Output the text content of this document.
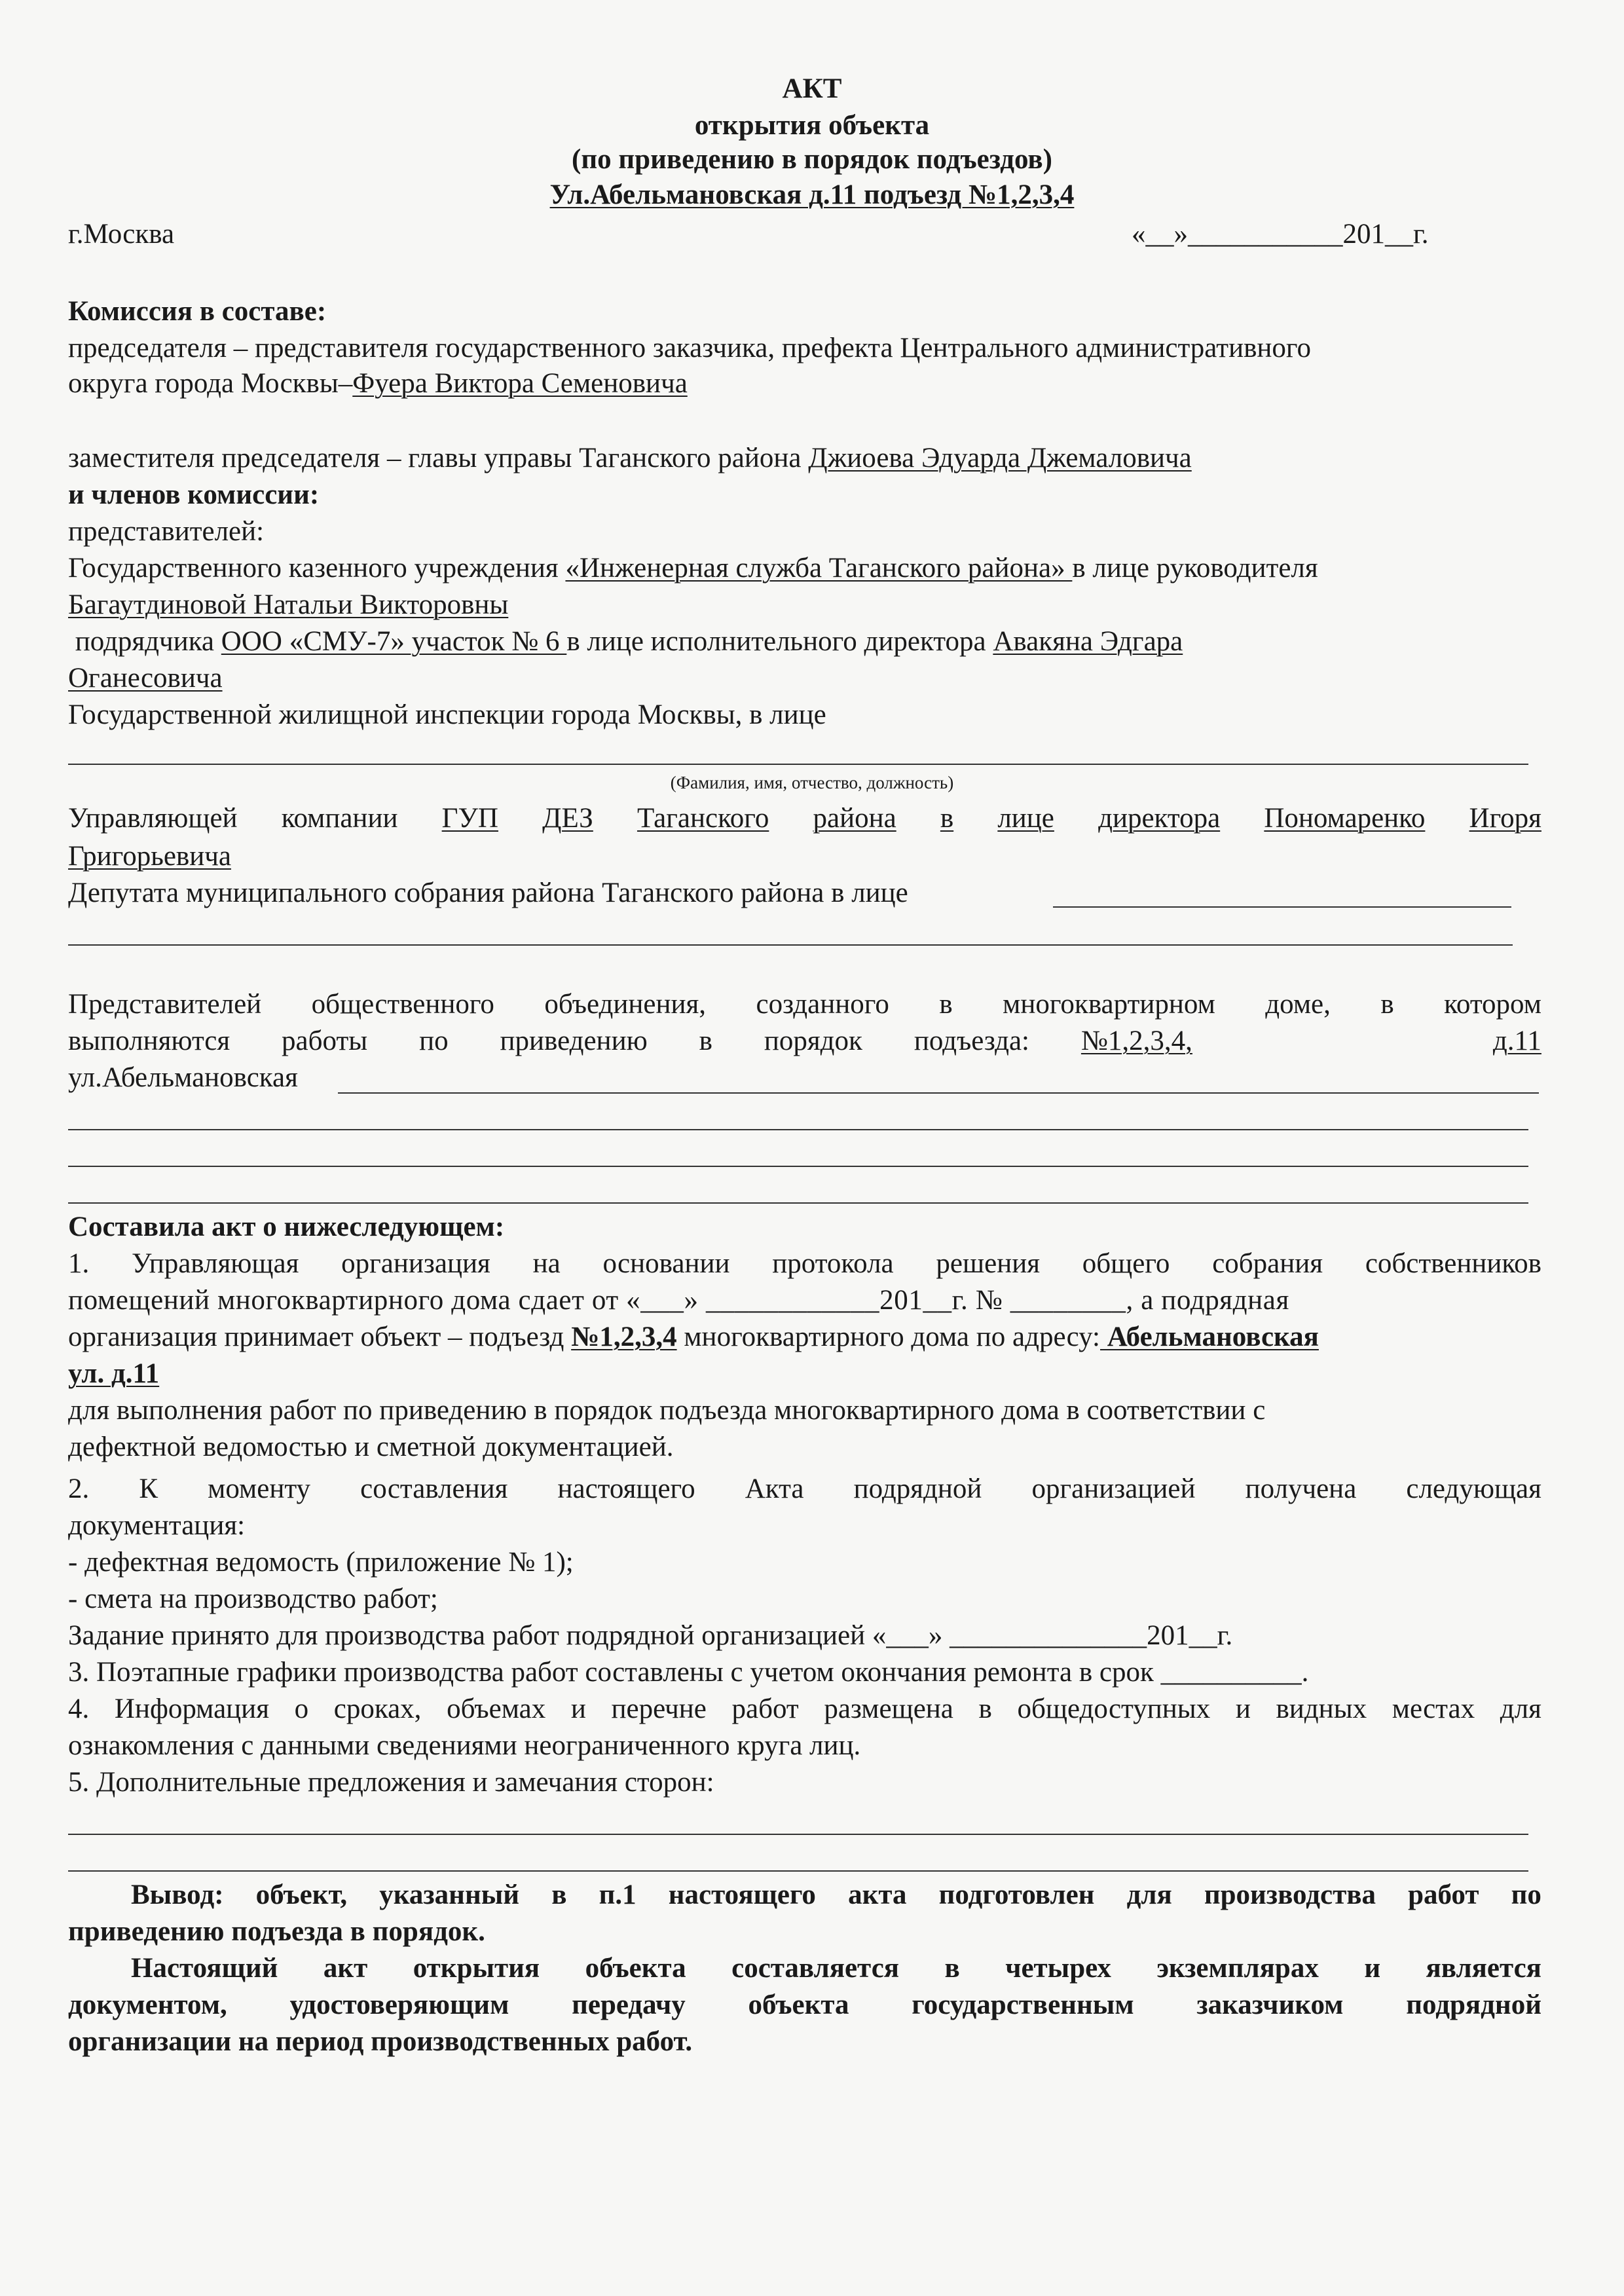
АКТ
открытия объекта
(по приведению в порядок подъездов)
Ул.Абельмановская д.11 подъезд №1,2,3,4
г.Москва	«__»___________201__г.
Комиссия в составе:
председателя – представителя государственного заказчика, префекта Центрального административного
округа города Москвы–Фуера Виктора Семеновича
заместителя председателя – главы управы Таганского района Джиоева Эдуарда Джемаловича
и членов комиссии:
представителей:
Государственного казенного учреждения «Инженерная служба Таганского района» в лице руководителя
Багаутдиновой Натальи Викторовны
подрядчика ООО «СМУ-7» участок № 6 в лице исполнительного директора Авакяна Эдгара
Оганесовича
Государственной жилищной инспекции города Москвы, в лице
(Фамилия, имя, отчество, должность)
Управляющей компании ГУП ДЕЗ Таганского района в лице директора Пономаренко Игоря
Григорьевича
Депутата муниципального собрания района Таганского района в лице
Представителей общественного объединения, созданного в многоквартирном доме, в котором
выполняются работы по приведению в порядок подъезда: №1,2,3,4,	д.11
ул.Абельмановская
Составила акт о нижеследующем:
1. Управляющая организация на основании протокола решения общего собрания собственников
помещений многоквартирного дома сдает от «___» ____________201__г. № ________, а подрядная
организация принимает объект – подъезд №1,2,3,4 многоквартирного дома по адресу: Абельмановская
ул. д.11
для выполнения работ по приведению в порядок подъезда многоквартирного дома в соответствии с
дефектной ведомостью и сметной документацией.
2. К моменту составления настоящего Акта подрядной организацией получена следующая
документация:
- дефектная ведомость (приложение № 1);
- смета на производство работ;
Задание принято для производства работ подрядной организацией «___» ______________201__г.
3. Поэтапные графики производства работ составлены с учетом окончания ремонта в срок __________.
4. Информация о сроках, объемах и перечне работ размещена в общедоступных и видных местах для
ознакомления с данными сведениями неограниченного круга лиц.
5. Дополнительные предложения и замечания сторон:
Вывод: объект, указанный в п.1 настоящего акта подготовлен для производства работ по
приведению подъезда в порядок.
Настоящий акт открытия объекта составляется в четырех экземплярах и является
документом, удостоверяющим передачу объекта государственным заказчиком подрядной
организации на период производственных работ.
